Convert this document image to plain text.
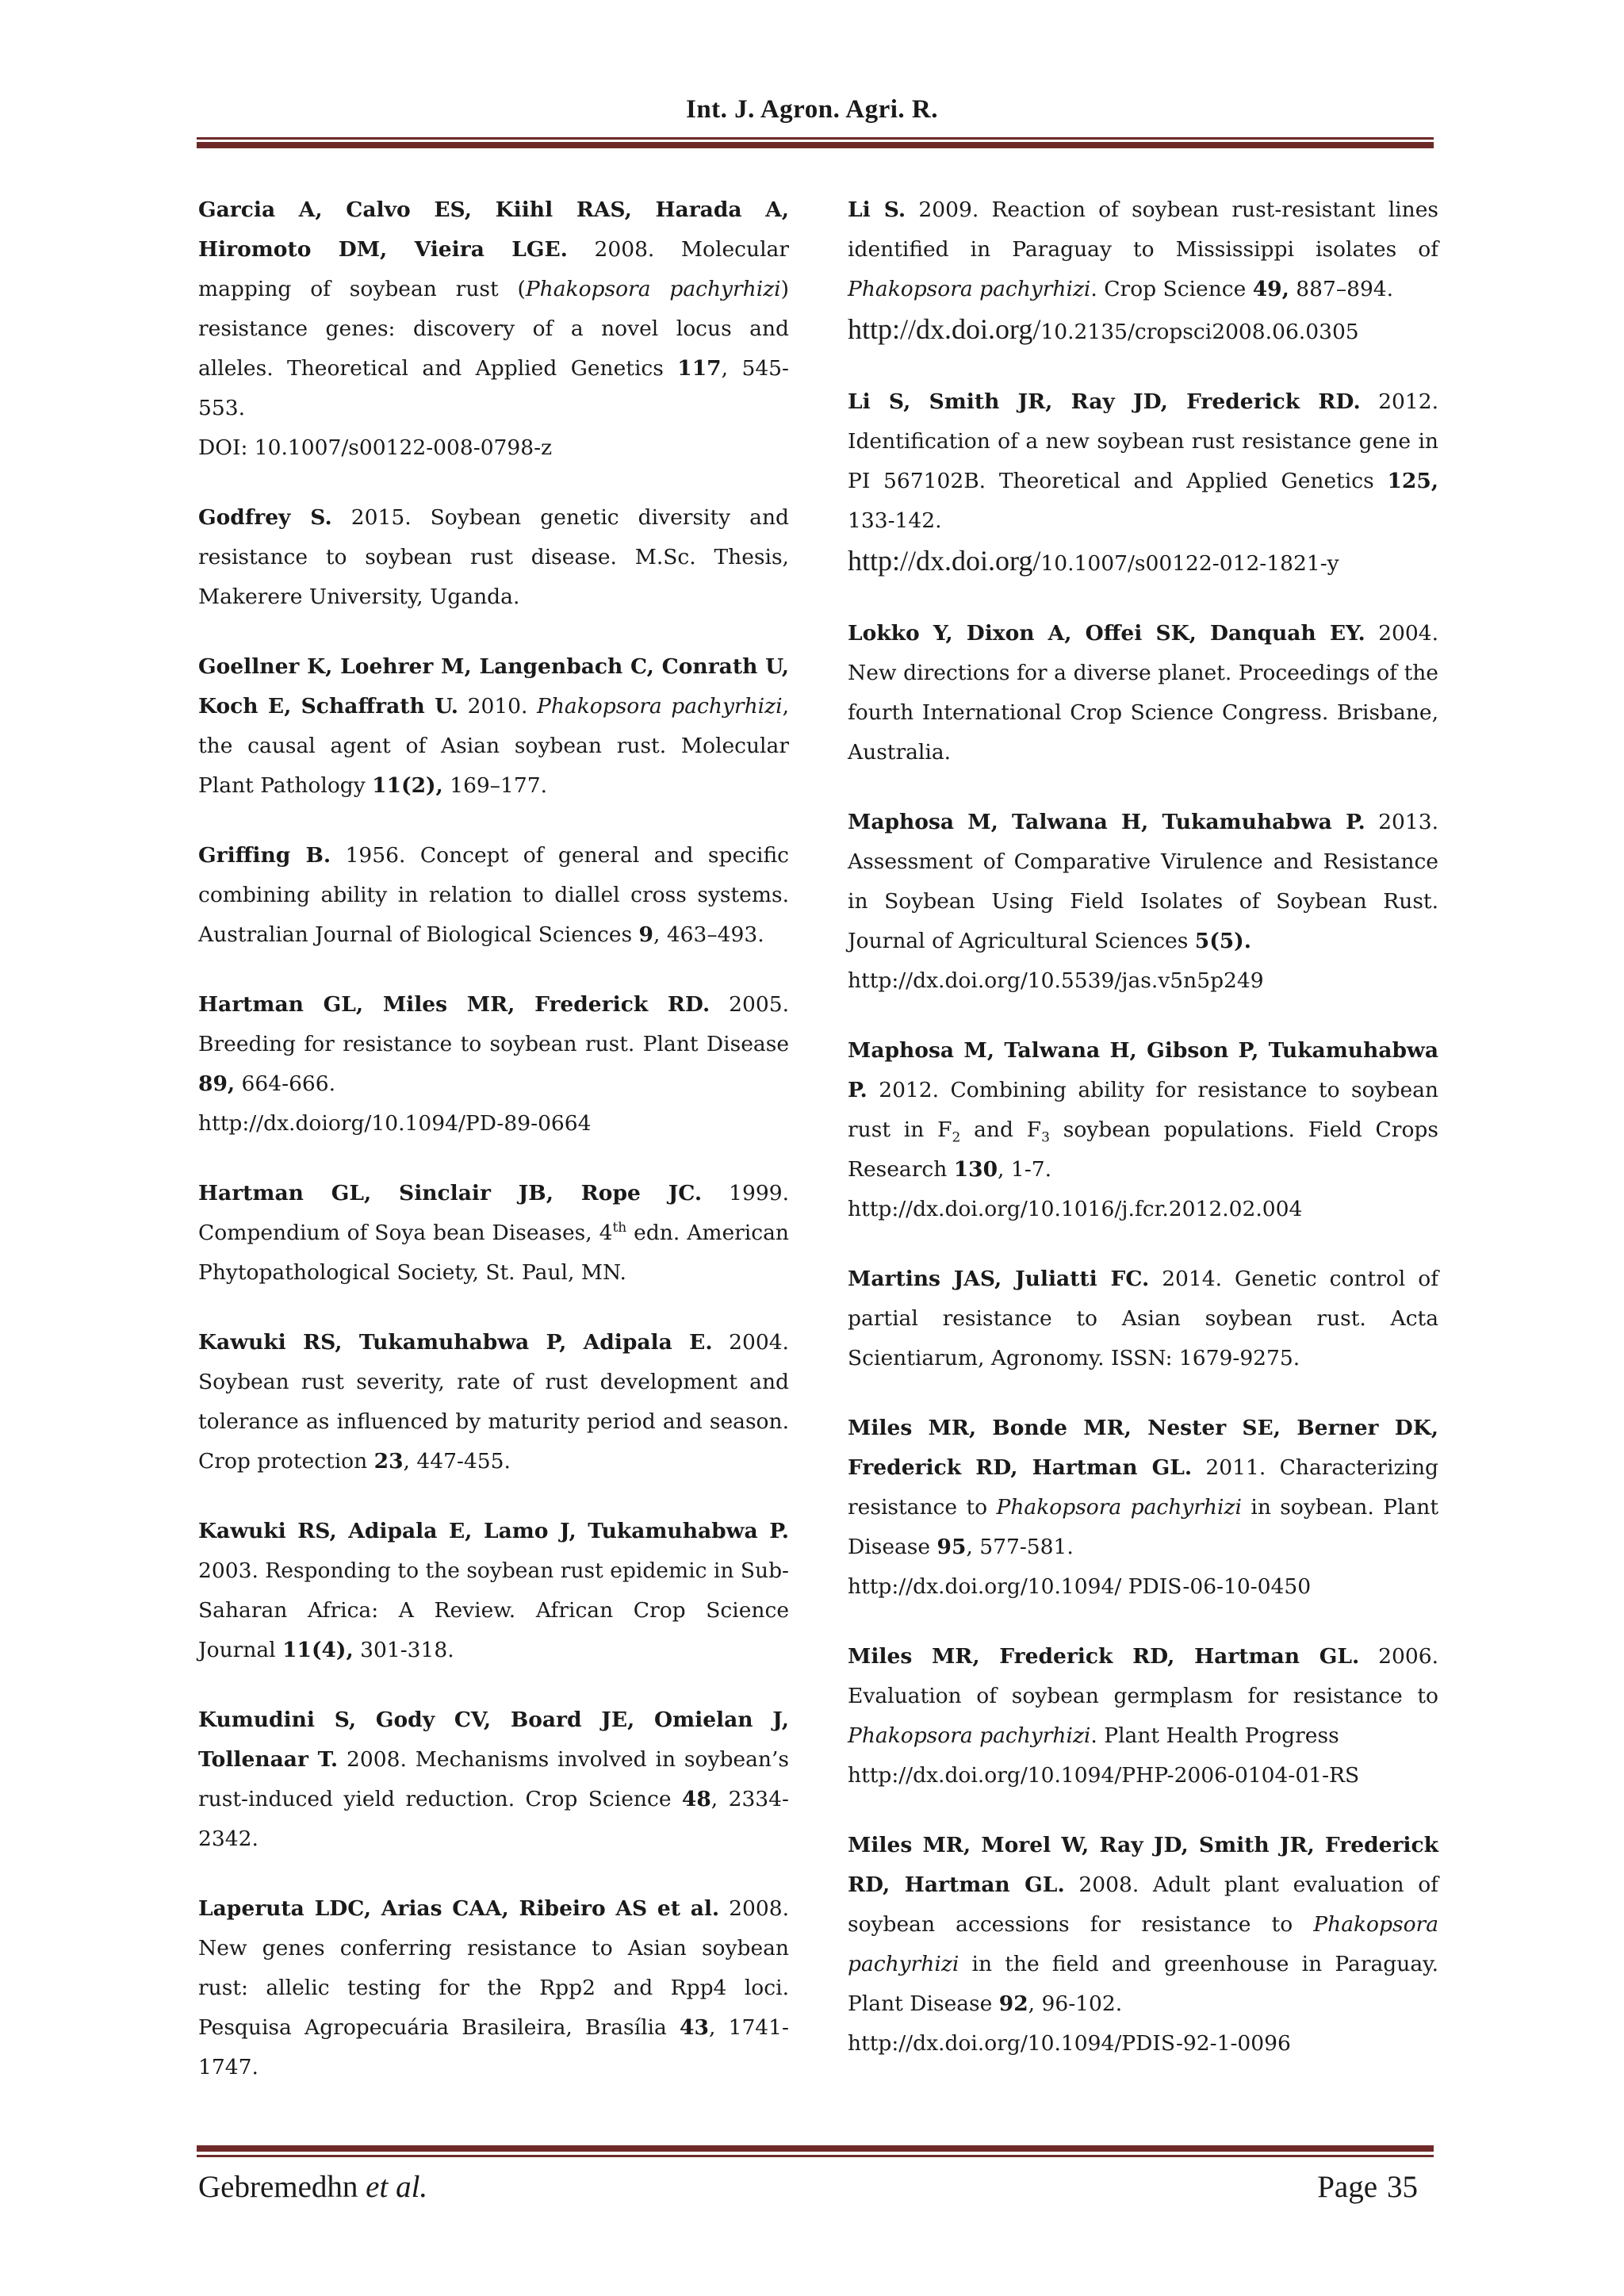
Int. J. Agron. Agri. R.

Garcia A, Calvo ES, Kiihl RAS, Harada A, Hiromoto DM, Vieira LGE. 2008. Molecular mapping of soybean rust (Phakopsora pachyrhizi) resistance genes: discovery of a novel locus and alleles. Theoretical and Applied Genetics 117, 545-553.
DOI: 10.1007/s00122-008-0798-z

Godfrey S. 2015. Soybean genetic diversity and resistance to soybean rust disease. M.Sc. Thesis, Makerere University, Uganda.

Goellner K, Loehrer M, Langenbach C, Conrath U, Koch E, Schaffrath U. 2010. Phakopsora pachyrhizi, the causal agent of Asian soybean rust. Molecular Plant Pathology 11(2), 169–177.

Griffing B. 1956. Concept of general and specific combining ability in relation to diallel cross systems. Australian Journal of Biological Sciences 9, 463–493.

Hartman GL, Miles MR, Frederick RD. 2005. Breeding for resistance to soybean rust. Plant Disease 89, 664-666.
http://dx.doiorg/10.1094/PD-89-0664

Hartman GL, Sinclair JB, Rope JC. 1999. Compendium of Soya bean Diseases, 4th edn. American Phytopathological Society, St. Paul, MN.

Kawuki RS, Tukamuhabwa P, Adipala E. 2004. Soybean rust severity, rate of rust development and tolerance as influenced by maturity period and season. Crop protection 23, 447-455.

Kawuki RS, Adipala E, Lamo J, Tukamuhabwa P. 2003. Responding to the soybean rust epidemic in Sub-Saharan Africa: A Review. African Crop Science Journal 11(4), 301-318.

Kumudini S, Gody CV, Board JE, Omielan J, Tollenaar T. 2008. Mechanisms involved in soybean’s rust-induced yield reduction. Crop Science 48, 2334-2342.

Laperuta LDC, Arias CAA, Ribeiro AS et al. 2008. New genes conferring resistance to Asian soybean rust: allelic testing for the Rpp2 and Rpp4 loci. Pesquisa Agropecuária Brasileira, Brasília 43, 1741-1747.

Li S. 2009. Reaction of soybean rust-resistant lines identified in Paraguay to Mississippi isolates of Phakopsora pachyrhizi. Crop Science 49, 887–894.
http://dx.doi.org/10.2135/cropsci2008.06.0305

Li S, Smith JR, Ray JD, Frederick RD. 2012. Identification of a new soybean rust resistance gene in PI 567102B. Theoretical and Applied Genetics 125, 133-142.
http://dx.doi.org/10.1007/s00122-012-1821-y

Lokko Y, Dixon A, Offei SK, Danquah EY. 2004. New directions for a diverse planet. Proceedings of the fourth International Crop Science Congress. Brisbane, Australia.

Maphosa M, Talwana H, Tukamuhabwa P. 2013. Assessment of Comparative Virulence and Resistance in Soybean Using Field Isolates of Soybean Rust. Journal of Agricultural Sciences 5(5).
http://dx.doi.org/10.5539/jas.v5n5p249

Maphosa M, Talwana H, Gibson P, Tukamuhabwa P. 2012. Combining ability for resistance to soybean rust in $F_2$ and $F_3$ soybean populations. Field Crops Research 130, 1-7.
http://dx.doi.org/10.1016/j.fcr.2012.02.004

Martins JAS, Juliatti FC. 2014. Genetic control of partial resistance to Asian soybean rust. Acta Scientiarum, Agronomy. ISSN: 1679-9275.

Miles MR, Bonde MR, Nester SE, Berner DK, Frederick RD, Hartman GL. 2011. Characterizing resistance to Phakopsora pachyrhizi in soybean. Plant Disease 95, 577-581.
http://dx.doi.org/10.1094/ PDIS-06-10-0450

Miles MR, Frederick RD, Hartman GL. 2006. Evaluation of soybean germplasm for resistance to Phakopsora pachyrhizi. Plant Health Progress
http://dx.doi.org/10.1094/PHP-2006-0104-01-RS

Miles MR, Morel W, Ray JD, Smith JR, Frederick RD, Hartman GL. 2008. Adult plant evaluation of soybean accessions for resistance to Phakopsora pachyrhizi in the field and greenhouse in Paraguay. Plant Disease 92, 96-102.
http://dx.doi.org/10.1094/PDIS-92-1-0096

Gebremedhn et al.	Page 35
